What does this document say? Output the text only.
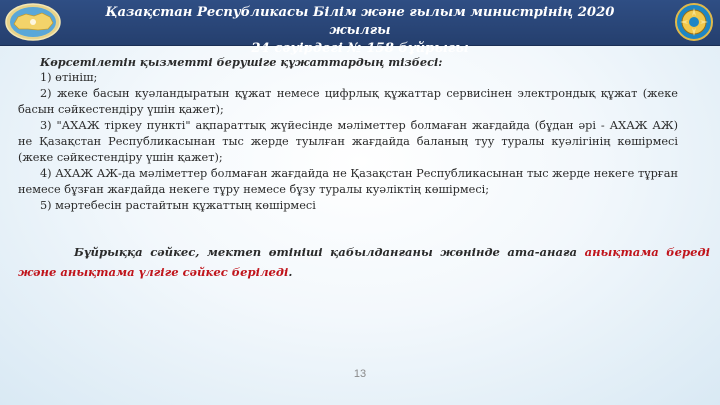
Қазақстан Республикасы Білім және ғылым министрінің 2020 жылғы
24 сәуірдегі № 158 бұйрығы

Көрсетілетін қызметті берушіге құжаттардың тізбесі:

1) өтініш;

2) жеке басын куәландыратын құжат немесе цифрлық құжаттар сервисінен электрондық құжат (жеке басын сәйкестендіру үшін қажет);

3) "АХАЖ тіркеу пункті" ақпараттық жүйесінде мәліметтер болмаған жағдайда (бұдан әрі - АХАЖ АЖ) не Қазақстан Республикасынан тыс жерде туылған жағдайда баланың туу туралы куәлігінің көшірмесі (жеке сәйкестендіру үшін қажет);

4) АХАЖ АЖ-да мәліметтер болмаған жағдайда не Қазақстан Республикасынан тыс жерде некеге тұрған немесе бұзған жағдайда некеге тұру немесе бұзу туралы куәліктің көшірмесі;

5) мәртебесін растайтын құжаттың көшірмесі

Бұйрыққа сәйкес, мектеп өтініші қабылданғаны жөнінде ата-анаға анықтама береді және анықтама үлгіге сәйкес беріледі.
13
